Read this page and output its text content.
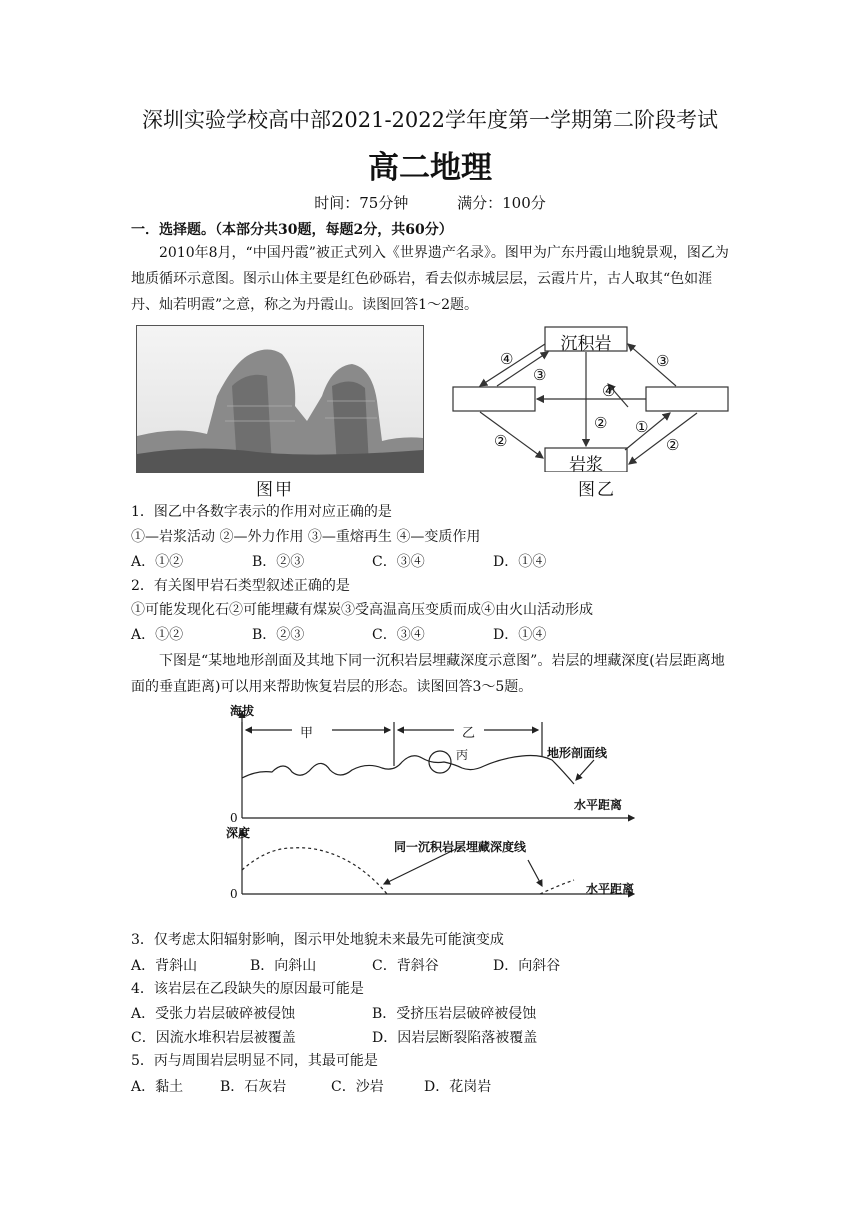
深圳实验学校高中部2021-2022学年度第一学期第二阶段考试
高二地理
时间：75分钟	满分：100分
一．选择题。（本部分共30题，每题2分，共60分）
2010年8月，“中国丹霞”被正式列入《世界遗产名录》。图甲为广东丹霞山地貌景观，图乙为地质循环示意图。图示山体主要是红色砂砾岩，看去似赤城层层，云霞片片，古人取其“色如涯丹、灿若明霞”之意，称之为丹霞山。读图回答1～2题。
图甲
沉积岩
岩浆
④
③
③
④
② ①
②	②
图乙
1．图乙中各数字表示的作用对应正确的是
①—岩浆活动 ②—外力作用 ③—重熔再生 ④—变质作用
A．①②	B．②③	C．③④	D．①④
2．有关图甲岩石类型叙述正确的是
①可能发现化石②可能埋藏有煤炭③受高温高压变质而成④由火山活动形成
A．①②	B．②③	C．③④	D．①④
下图是“某地地形剖面及其地下同一沉积岩层埋藏深度示意图”。岩层的埋藏深度(岩层距离地面的垂直距离)可以用来帮助恢复岩层的形态。读图回答3～5题。
海拔
0
甲	乙
丙	地形剖面线
水平距离
深度
同一沉积岩层埋藏深度线
0	水平距离
3．仅考虑太阳辐射影响，图示甲处地貌未来最先可能演变成
A．背斜山	B．向斜山	C．背斜谷	D．向斜谷
4．该岩层在乙段缺失的原因最可能是
A．受张力岩层破碎被侵蚀	B．受挤压岩层破碎被侵蚀
C．因流水堆积岩层被覆盖	D．因岩层断裂陷落被覆盖
5．丙与周围岩层明显不同，其最可能是
A．黏土	B．石灰岩	C．沙岩	D．花岗岩
